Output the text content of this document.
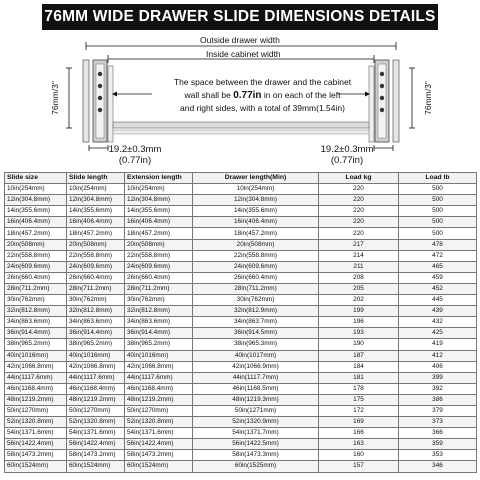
76MM WIDE DRAWER SLIDE DIMENSIONS DETAILS
Outside drawer width
Inside cabinet width
The space between the drawer and the cabinet
wall shall be 0.77in in on each of the left
and right sides, with a total of 39mm(1.54in)
76mm/3"	76mm/3"
19.2±0.3mm
(0.77in)
19.2±0.3mm
(0.77in)
Slide size	Slide length	Extension length	Drawer length(Min)	Load kg	Load lb
10in(254mm)	10in(254mm)	10in(254mm)	10in(254mm)	220	500
12in(304.8mm)	12in(304.8mm)	12in(304.8mm)	12in(304.8mm)	220	500
14in(355.6mm)	14in(355.6mm)	14in(355.6mm)	14in(355.6mm)	220	500
16in(406.4mm)	16in(406.4mm)	16in(406.4mm)	16in(406.4mm)	220	500
18in(457.2mm)	18in(457.2mm)	18in(457.2mm)	18in(457.2mm)	220	500
20in(508mm)	20in(508mm)	20in(508mm)	20in(508mm)	217	478
22in(558.8mm)	22in(558.8mm)	22in(558.8mm)	22in(558.8mm)	214	472
24in(609.6mm)	24in(609.6mm)	24in(609.6mm)	24in(609.6mm)	211	465
26in(660.4mm)	26in(660.4mm)	26in(660.4mm)	26in(660.4mm)	208	459
28in(711.2mm)	28in(711.2mm)	28in(711.2mm)	28in(711.2mm)	205	452
30in(762mm)	30in(762mm)	30in(762mm)	30in(762mm)	202	445
32in(812.8mm)	32in(812.8mm)	32in(812.8mm)	32in(812.9mm)	199	439
34in(863.6mm)	34in(863.6mm)	34in(863.6mm)	34in(863.7mm)	196	432
36in(914.4mm)	36in(914.4mm)	36in(914.4mm)	36in(914.5mm)	193	425
38in(965.2mm)	38in(965.2mm)	38in(965.2mm)	38in(965.3mm)	190	419
40in(1016mm)	40in(1016mm)	40in(1016mm)	40in(1017mm)	187	412
42in(1066.8mm)	42in(1066.8mm)	42in(1066.8mm)	42in(1066.9mm)	184	406
44in(1117.6mm)	44in(1117.6mm)	44in(1117.6mm)	44in(1117.7mm)	181	399
46in(1168.4mm)	46in(1168.4mm)	46in(1168.4mm)	46in(1168.5mm)	178	392
48in(1219.2mm)	48in(1219.2mm)	48in(1219.2mm)	48in(1219.3mm)	175	386
50in(1270mm)	50in(1270mm)	50in(1270mm)	50in(1271mm)	172	379
52in(1320.8mm)	52in(1320.8mm)	52in(1320.8mm)	52in(1320.9mm)	169	373
54in(1371.6mm)	54in(1371.6mm)	54in(1371.6mm)	54in(1371.7mm)	166	366
56in(1422.4mm)	56in(1422.4mm)	56in(1422.4mm)	56in(1422.5mm)	163	359
58in(1473.2mm)	58in(1473.2mm)	58in(1473.2mm)	58in(1473.3mm)	160	353
60in(1524mm)	60in(1524mm)	60in(1524mm)	60in(1525mm)	157	346
